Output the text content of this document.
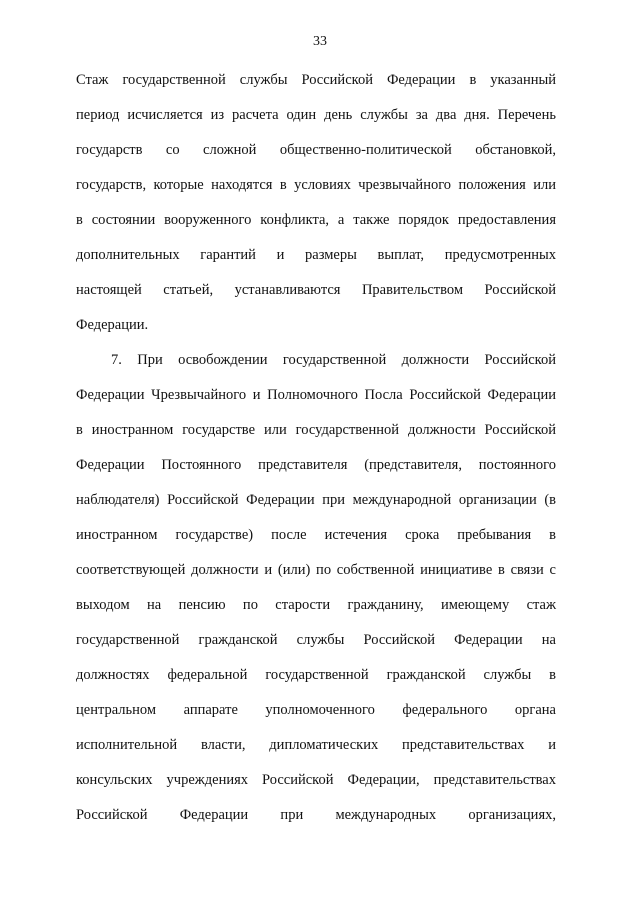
33
Стаж государственной службы Российской Федерации в указанный
период исчисляется из расчета один день службы за два дня. Перечень
государств со сложной общественно-политической обстановкой,
государств, которые находятся в условиях чрезвычайного положения или
в состоянии вооруженного конфликта, а также порядок предоставления
дополнительных гарантий и размеры выплат, предусмотренных
настоящей статьей, устанавливаются Правительством Российской
Федерации.
7. При освобождении государственной должности Российской
Федерации Чрезвычайного и Полномочного Посла Российской Федерации
в иностранном государстве или государственной должности Российской
Федерации Постоянного представителя (представителя, постоянного
наблюдателя) Российской Федерации при международной организации (в
иностранном государстве) после истечения срока пребывания в
соответствующей должности и (или) по собственной инициативе в связи с
выходом на пенсию по старости гражданину, имеющему стаж
государственной гражданской службы Российской Федерации на
должностях федеральной государственной гражданской службы в
центральном аппарате уполномоченного федерального органа
исполнительной власти, дипломатических представительствах и
консульских учреждениях Российской Федерации, представительствах
Российской Федерации при международных организациях,
